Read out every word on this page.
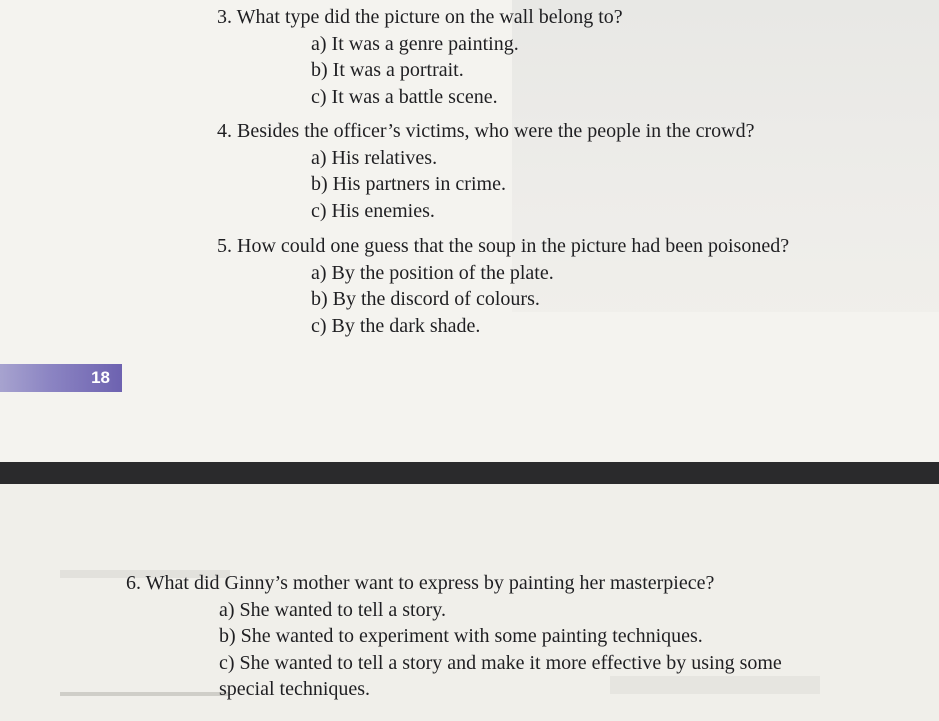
3. What type did the picture on the wall belong to?
a) It was a genre painting.
b) It was a portrait.
c) It was a battle scene.
4. Besides the officer’s victims, who were the people in the crowd?
a) His relatives.
b) His partners in crime.
c) His enemies.
5. How could one guess that the soup in the picture had been poisoned?
a) By the position of the plate.
b) By the discord of colours.
c) By the dark shade.
18
6. What did Ginny’s mother want to express by painting her masterpiece?
a) She wanted to tell a story.
b) She wanted to experiment with some painting techniques.
c) She wanted to tell a story and make it more effective by using some special techniques.
